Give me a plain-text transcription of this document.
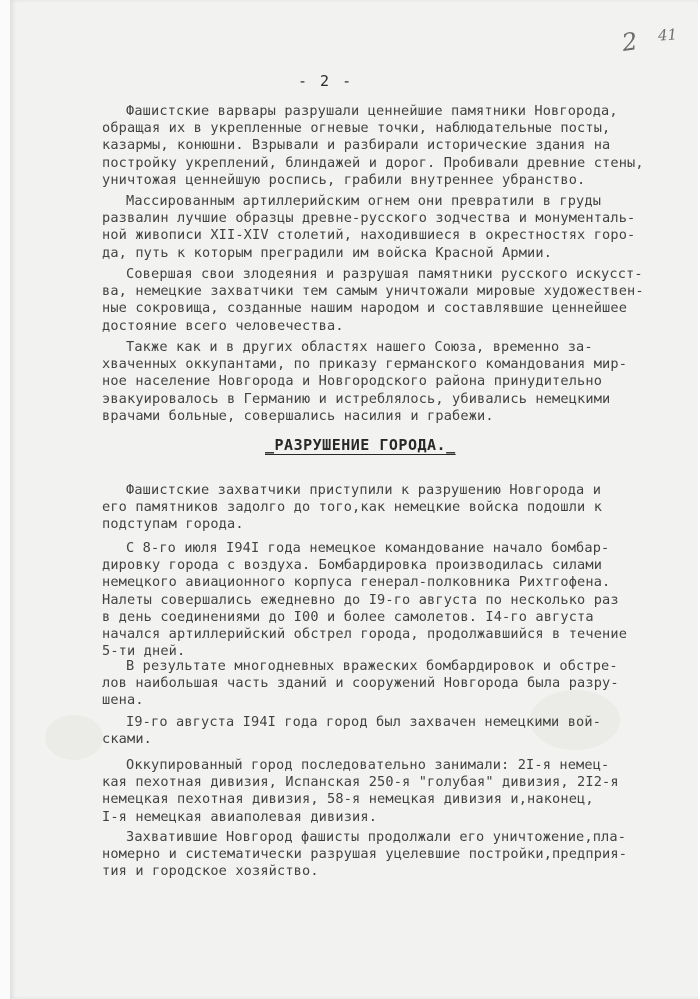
2 41
- 2 -

Фашистские варвары разрушали ценнейшие памятники Новгорода,
обращая их в укрепленные огневые точки, наблюдательные посты,
казармы, конюшни. Взрывали и разбирали исторические здания на
постройку укреплений, блиндажей и дорог. Пробивали древние стены,
уничтожая ценнейшую роспись, грабили внутреннее убранство.

Массированным артиллерийским огнем они превратили в груды
развалин лучшие образцы древне-русского зодчества и монументаль-
ной живописи XII-XIV столетий, находившиеся в окрестностях горо-
да, путь к которым преградили им войска Красной Армии.

Совершая свои злодеяния и разрушая памятники русского искусст-
ва, немецкие захватчики тем самым уничтожали мировые художествен-
ные сокровища, созданные нашим народом и составлявшие ценнейшее
достояние всего человечества.

Также как и в других областях нашего Союза, временно за-
хваченных оккупантами, по приказу германского командования мир-
ное население Новгорода и Новгородского района принудительно
эвакуировалось в Германию и истреблялось, убивались немецкими
врачами больные, совершались насилия и грабежи.

_РАЗРУШЕНИЕ ГОРОДА._

Фашистские захватчики приступили к разрушению Новгорода и
его памятников задолго до того,как немецкие войска подошли к
подступам города.

С 8-го июля I94I года немецкое командование начало бомбар-
дировку города с воздуха. Бомбардировка производилась силами
немецкого авиационного корпуса генерал-полковника Рихтгофена.
Налеты совершались ежедневно до I9-го августа по несколько раз
в день соединениями до I00 и более самолетов. I4-го августа
начался артиллерийский обстрел города, продолжавшийся в течение
5-ти дней.

В результате многодневных вражеских бомбардировок и обстре-
лов наибольшая часть зданий и сооружений Новгорода была разру-
шена.

I9-го августа I94I года город был захвачен немецкими вой-
сками.

Оккупированный город последовательно занимали: 2I-я немец-
кая пехотная дивизия, Испанская 250-я "голубая" дивизия, 2I2-я
немецкая пехотная дивизия, 58-я немецкая дивизия и,наконец,
I-я немецкая авиаполевая дивизия.

Захватившие Новгород фашисты продолжали его уничтожение,пла-
номерно и систематически разрушая уцелевшие постройки,предприя-
тия и городское хозяйство.
